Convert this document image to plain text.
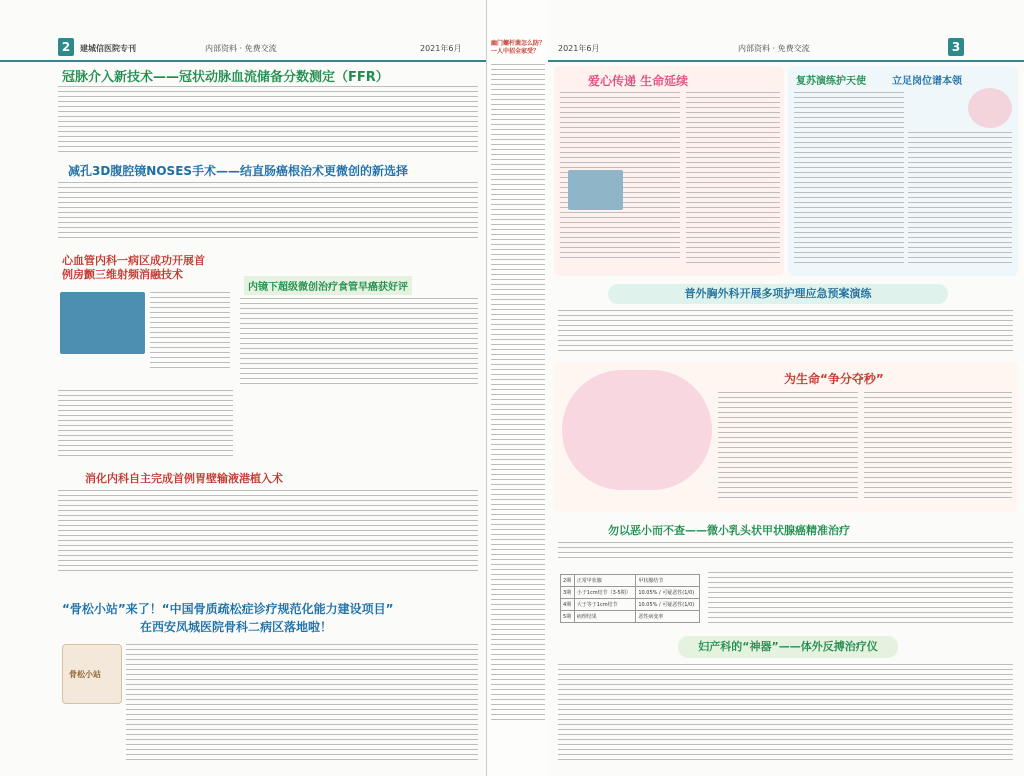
2	建城信医院专刊	内部资料 · 免费交流	2021年6月
冠脉介入新技术——冠状动脉血流储备分数测定（FFR）
减孔3D腹腔镜NOSES手术——结直肠癌根治术更微创的新选择
心血管内科一病区成功开展首例房颤三维射频消融技术
内镜下超级微创治疗食管早癌获好评
消化内科自主完成首例胃壁输液港植入术
“骨松小站”来了！“中国骨质疏松症诊疗规范化能力建设项目”
在西安凤城医院骨科二病区落地啦！
骨松小站
幽门螺杆菌怎么防？一人中招全家受？	2021年6月	内部资料 · 免费交流	3
爱心传递 生命延续	复苏演练护天使	立足岗位谱本领
普外胸外科开展多项护理应急预案演练
为生命“争分夺秒”
勿以恶小而不查——微小乳头状甲状腺癌精准治疗
2期	正常甲状腺	甲状腺结节
3期	小于1cm结节（3-5期）	10.05% / 可疑恶性(1/0)
4期	大于等于1cm结节	10.05% / 可疑恶性(1/0)
5期	病理结果	恶性病变率
妇产科的“神器”——体外反搏治疗仪
